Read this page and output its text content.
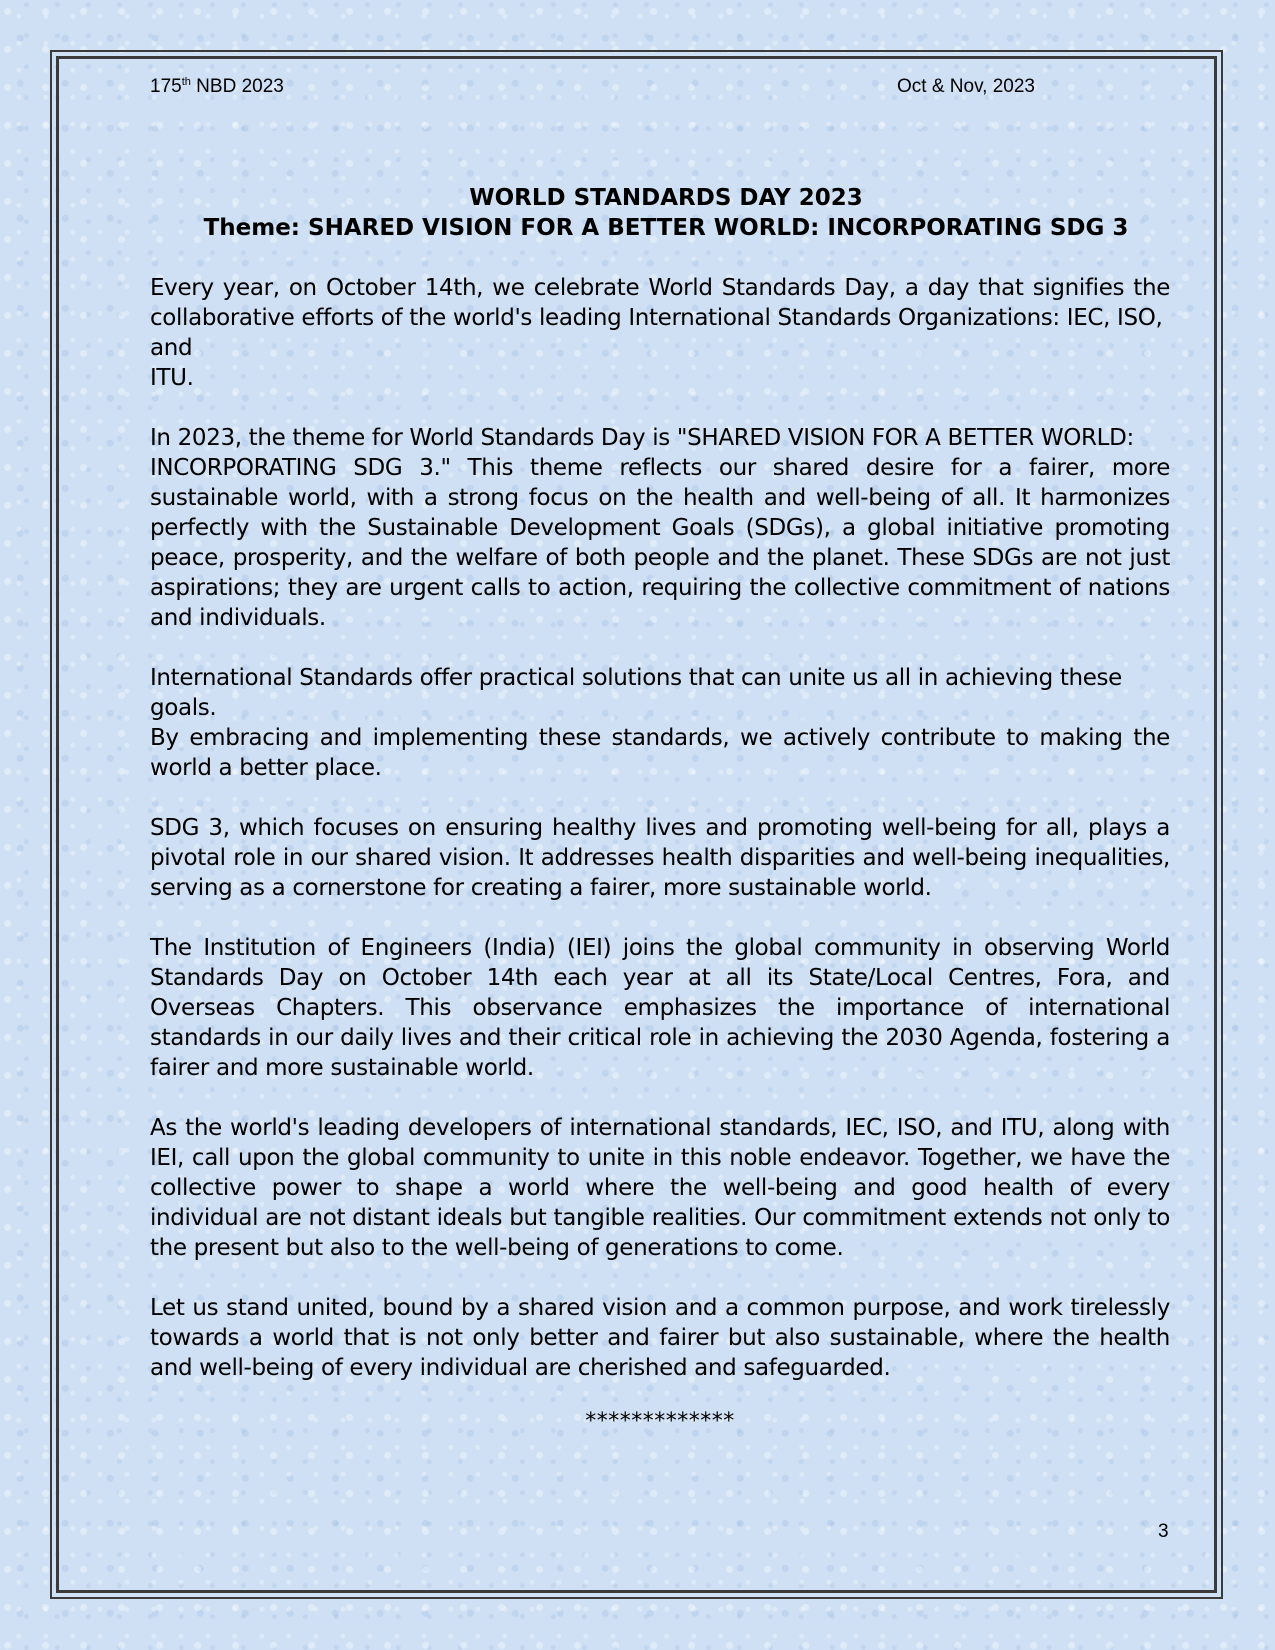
175th NBD 2023	Oct & Nov, 2023

WORLD STANDARDS DAY 2023

Theme: SHARED VISION FOR A BETTER WORLD: INCORPORATING SDG 3

Every year, on October 14th, we celebrate World Standards Day, a day that signifies the collaborative efforts of the world's leading International Standards Organizations: IEC, ISO,
and
ITU.

In 2023, the theme for World Standards Day is "SHARED VISION FOR A BETTER WORLD:
INCORPORATING SDG 3." This theme reflects our shared desire for a fairer, more sustainable world, with a strong focus on the health and well-being of all. It harmonizes perfectly with the Sustainable Development Goals (SDGs), a global initiative promoting peace, prosperity, and the welfare of both people and the planet. These SDGs are not just aspirations; they are urgent calls to action, requiring the collective commitment of nations and individuals.

International Standards offer practical solutions that can unite us all in achieving these
goals.
By embracing and implementing these standards, we actively contribute to making the world a better place.

SDG 3, which focuses on ensuring healthy lives and promoting well-being for all, plays a pivotal role in our shared vision. It addresses health disparities and well-being inequalities, serving as a cornerstone for creating a fairer, more sustainable world.

The Institution of Engineers (India) (IEI) joins the global community in observing World Standards Day on October 14th each year at all its State/Local Centres, Fora, and Overseas Chapters. This observance emphasizes the importance of international standards in our daily lives and their critical role in achieving the 2030 Agenda, fostering a fairer and more sustainable world.

As the world's leading developers of international standards, IEC, ISO, and ITU, along with IEI, call upon the global community to unite in this noble endeavor. Together, we have the collective power to shape a world where the well-being and good health of every individual are not distant ideals but tangible realities. Our commitment extends not only to the present but also to the well-being of generations to come.

Let us stand united, bound by a shared vision and a common purpose, and work tirelessly towards a world that is not only better and fairer but also sustainable, where the health and well-being of every individual are cherished and safeguarded.

*************

3
